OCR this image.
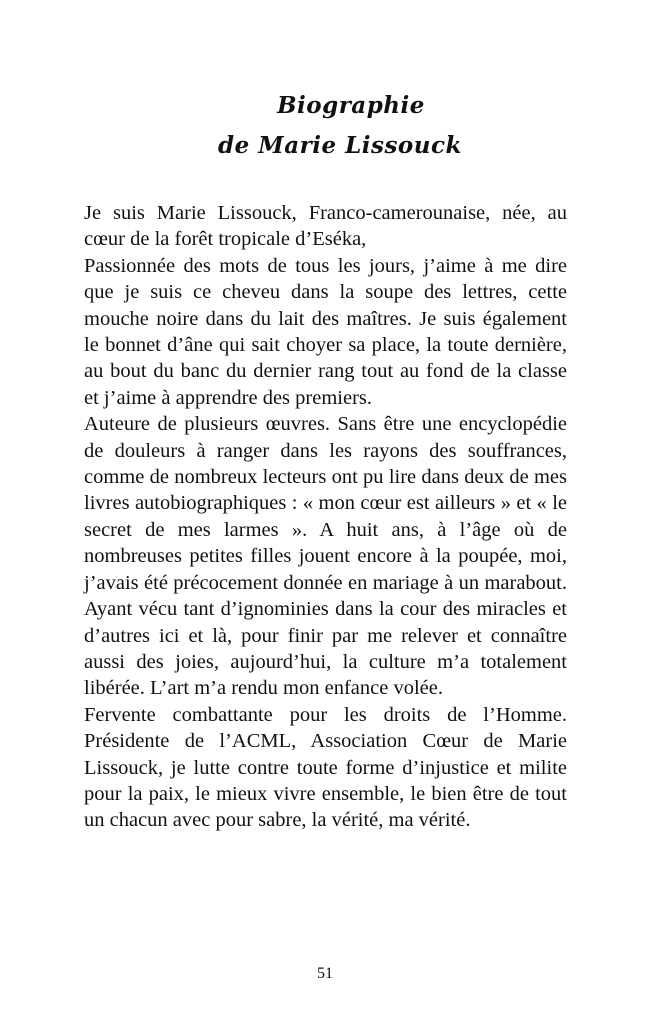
Biographie
de Marie Lissouck

Je suis Marie Lissouck, Franco-camerounaise, née, au cœur de la forêt tropicale d’Eséka,

Passionnée des mots de tous les jours, j’aime à me dire que je suis ce cheveu dans la soupe des lettres, cette mouche noire dans du lait des maîtres. Je suis également le bonnet d’âne qui sait choyer sa place, la toute dernière, au bout du banc du dernier rang tout au fond de la classe et j’aime à apprendre des premiers.

Auteure de plusieurs œuvres. Sans être une encyclopédie de douleurs à ranger dans les rayons des souffrances, comme de nombreux lecteurs ont pu lire dans deux de mes livres autobiographiques : « mon cœur est ailleurs » et « le secret de mes larmes ». A huit ans, à l’âge où de nombreuses petites filles jouent encore à la poupée, moi, j’avais été précocement donnée en mariage à un marabout. Ayant vécu tant d’ignominies dans la cour des miracles et d’autres ici et là, pour finir par me relever et connaître aussi des joies, aujourd’hui, la culture m’a totalement libérée. L’art m’a rendu mon enfance volée.

Fervente combattante pour les droits de l’Homme. Présidente de l’ACML, Association Cœur de Marie Lissouck, je lutte contre toute forme d’injustice et milite pour la paix, le mieux vivre ensemble, le bien être de tout un chacun avec pour sabre, la vérité, ma vérité.

51
